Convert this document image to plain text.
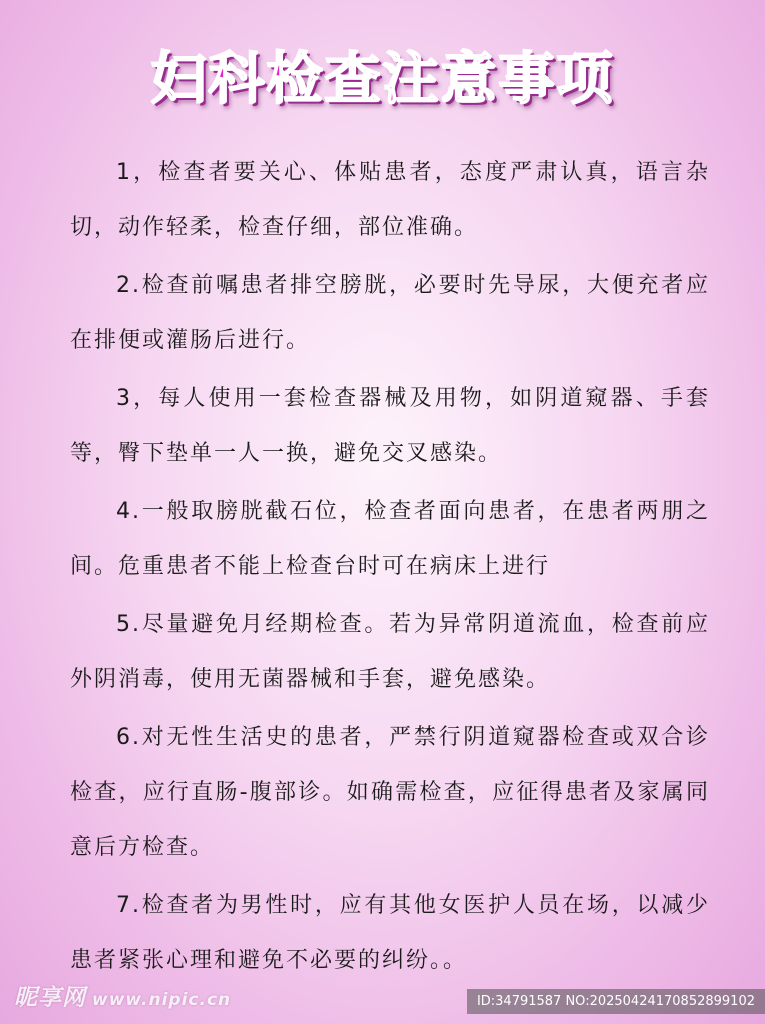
妇科检查注意事项

1，检查者要关心、体贴患者，态度严肃认真，语言杂切，动作轻柔，检查仔细，部位准确。

2.检查前嘱患者排空膀胱，必要时先导尿，大便充者应在排便或灌肠后进行。

3，每人使用一套检查器械及用物，如阴道窥器、手套等，臀下垫单一人一换，避免交叉感染。

4.一般取膀胱截石位，检查者面向患者，在患者两朋之间。危重患者不能上检查台时可在病床上进行

5.尽量避免月经期检查。若为异常阴道流血，检查前应外阴消毒，使用无菌器械和手套，避免感染。

6.对无性生活史的患者，严禁行阴道窥器检查或双合诊检查，应行直肠-腹部诊。如确需检查，应征得患者及家属同意后方检查。

7.检查者为男性时，应有其他女医护人员在场，以减少患者紧张心理和避免不必要的纠纷。。

昵享网 www.nipic.cn	ID:34791587 NO:20250424170852899102
